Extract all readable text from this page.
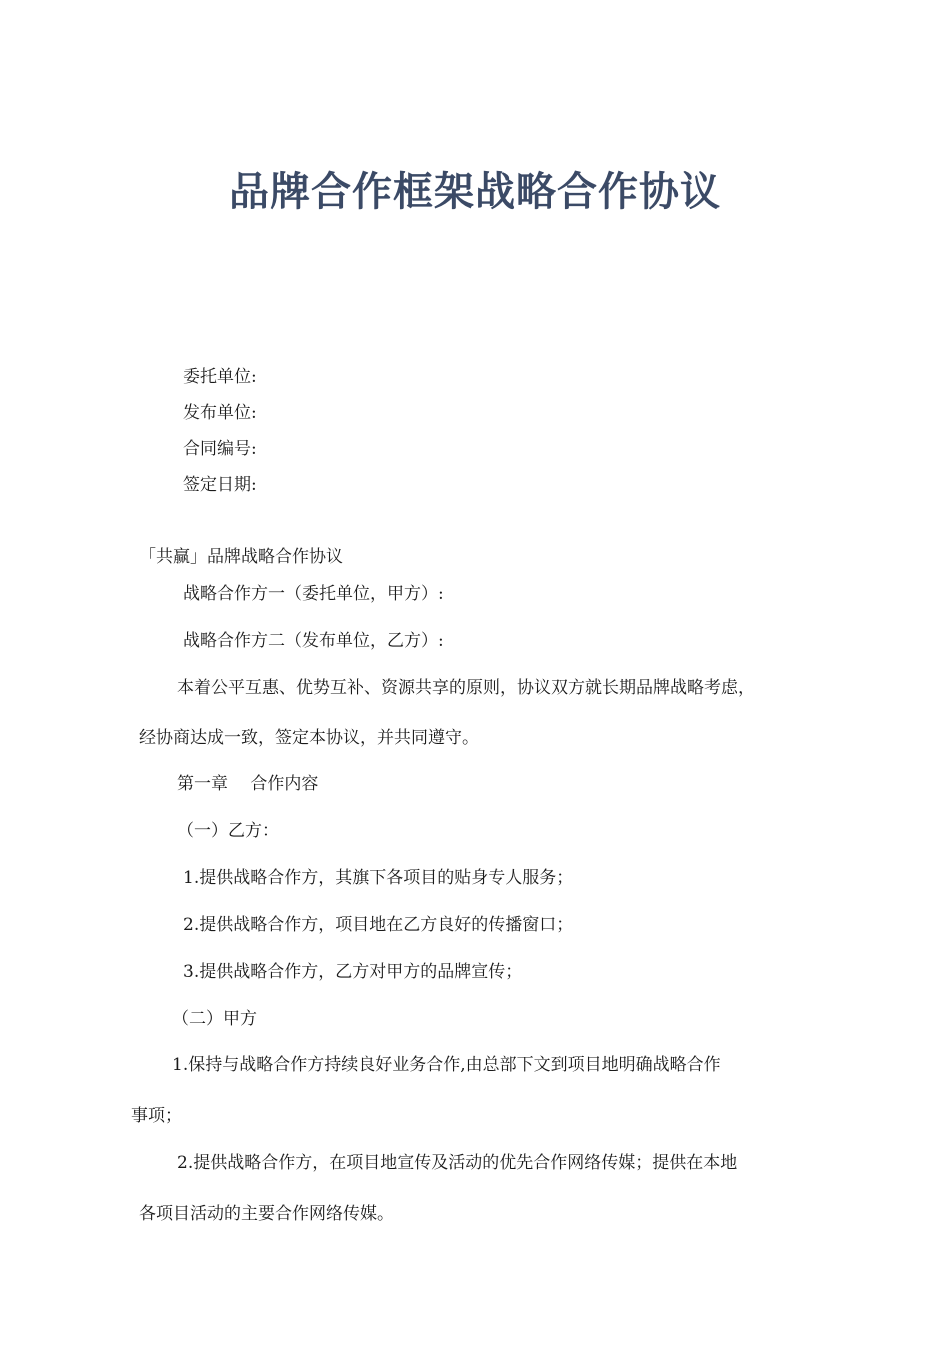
品牌合作框架战略合作协议
委托单位:
发布单位:
合同编号:
签定日期:
「共赢」品牌战略合作协议
战略合作方一（委托单位，甲方）:
战略合作方二（发布单位，乙方）:
本着公平互惠、优势互补、资源共享的原则，协议双方就长期品牌战略考虑，
经协商达成一致，签定本协议，并共同遵守。
第一章　 合作内容
（一）乙方：
1.提供战略合作方，其旗下各项目的贴身专人服务；
2.提供战略合作方，项目地在乙方良好的传播窗口；
3.提供战略合作方，乙方对甲方的品牌宣传；
（二）甲方
1.保持与战略合作方持续良好业务合作,由总部下文到项目地明确战略合作
事项；
2.提供战略合作方，在项目地宣传及活动的优先合作网络传媒；提供在本地
各项目活动的主要合作网络传媒。
